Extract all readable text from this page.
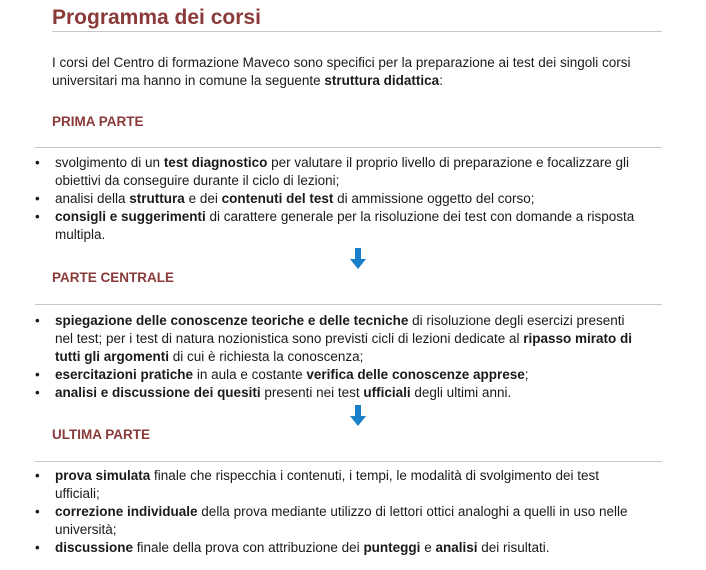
Programma dei corsi
I corsi del Centro di formazione Maveco sono specifici per la preparazione ai test dei singoli corsi universitari ma hanno in comune la seguente struttura didattica:
PRIMA PARTE
• svolgimento di un test diagnostico per valutare il proprio livello di preparazione e focalizzare gli obiettivi da conseguire durante il ciclo di lezioni;
• analisi della struttura e dei contenuti del test di ammissione oggetto del corso;
• consigli e suggerimenti di carattere generale per la risoluzione dei test con domande a risposta multipla.
PARTE CENTRALE
• spiegazione delle conoscenze teoriche e delle tecniche di risoluzione degli esercizi presenti nel test; per i test di natura nozionistica sono previsti cicli di lezioni dedicate al ripasso mirato di tutti gli argomenti di cui è richiesta la conoscenza;
• esercitazioni pratiche in aula e costante verifica delle conoscenze apprese;
• analisi e discussione dei quesiti presenti nei test ufficiali degli ultimi anni.
ULTIMA PARTE
• prova simulata finale che rispecchia i contenuti, i tempi, le modalità di svolgimento dei test ufficiali;
• correzione individuale della prova mediante utilizzo di lettori ottici analoghi a quelli in uso nelle università;
• discussione finale della prova con attribuzione dei punteggi e analisi dei risultati.
